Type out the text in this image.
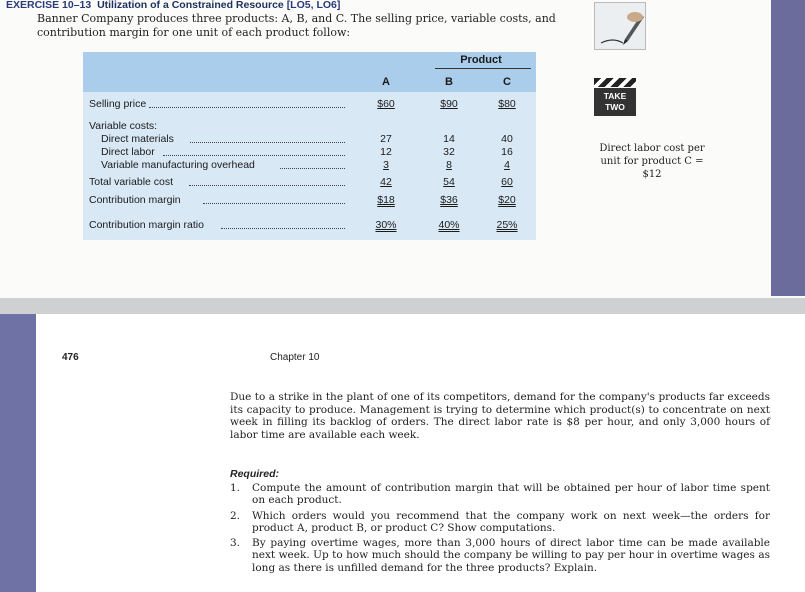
EXERCISE 10–13 Utilization of a Constrained Resource [LO5, LO6]
Banner Company produces three products: A, B, and C. The selling price, variable costs, and contribution margin for one unit of each product follow:
Product
A	B	C
Selling price	$60	$90	$80
Variable costs:
Direct materials	27	14	40
Direct labor	12	32	16
Variable manufacturing overhead	3	8	4
Total variable cost	42	54	60
Contribution margin	$18	$36	$20
Contribution margin ratio	30%	40%	25%
TAKE
TWO
Direct labor cost per unit for product C = $12
476	Chapter 10
Due to a strike in the plant of one of its competitors, demand for the company's products far exceeds its capacity to produce. Management is trying to determine which product(s) to concentrate on next week in filling its backlog of orders. The direct labor rate is $8 per hour, and only 3,000 hours of labor time are available each week.
Required:
1. Compute the amount of contribution margin that will be obtained per hour of labor time spent on each product.
2. Which orders would you recommend that the company work on next week—the orders for product A, product B, or product C? Show computations.
3. By paying overtime wages, more than 3,000 hours of direct labor time can be made available next week. Up to how much should the company be willing to pay per hour in overtime wages as long as there is unfilled demand for the three products? Explain.
